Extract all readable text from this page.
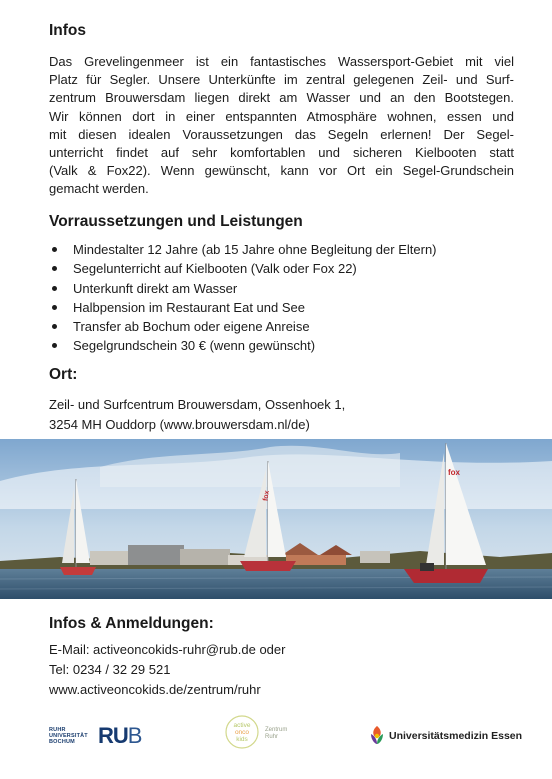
Infos
Das Grevelingenmeer ist ein fantastisches Wassersport-Gebiet mit viel
Platz für Segler. Unsere Unterkünfte im zentral gelegenen Zeil- und Surf-
zentrum Brouwersdam liegen direkt am Wasser und an den Bootstegen.
Wir können dort in einer entspannten Atmosphäre wohnen, essen und
mit diesen idealen Voraussetzungen das Segeln erlernen! Der Segel-
unterricht findet auf sehr komfortablen und sicheren Kielbooten statt
(Valk & Fox22). Wenn gewünscht, kann vor Ort ein Segel-Grundschein
gemacht werden.
Vorraussetzungen und Leistungen
Mindestalter 12 Jahre (ab 15 Jahre ohne Begleitung der Eltern)
Segelunterricht auf Kielbooten (Valk oder Fox 22)
Unterkunft direkt am Wasser
Halbpension im Restaurant Eat und See
Transfer ab Bochum oder eigene Anreise
Segelgrundschein 30 € (wenn gewünscht)
Ort:
Zeil- und Surfcentrum Brouwersdam, Ossenhoek 1,
3254 MH Ouddorp (www.brouwersdam.nl/de)
Infos & Anmeldungen:
E-Mail: activeoncokids-ruhr@rub.de oder
Tel: 0234 / 32 29 521
www.activeoncokids.de/zentrum/ruhr
fox
fox
RUHR
UNIVERSITÄT
BOCHUM	RUB	active
onco
kids
Zentrum
Ruhr	Universitätsmedizin Essen
